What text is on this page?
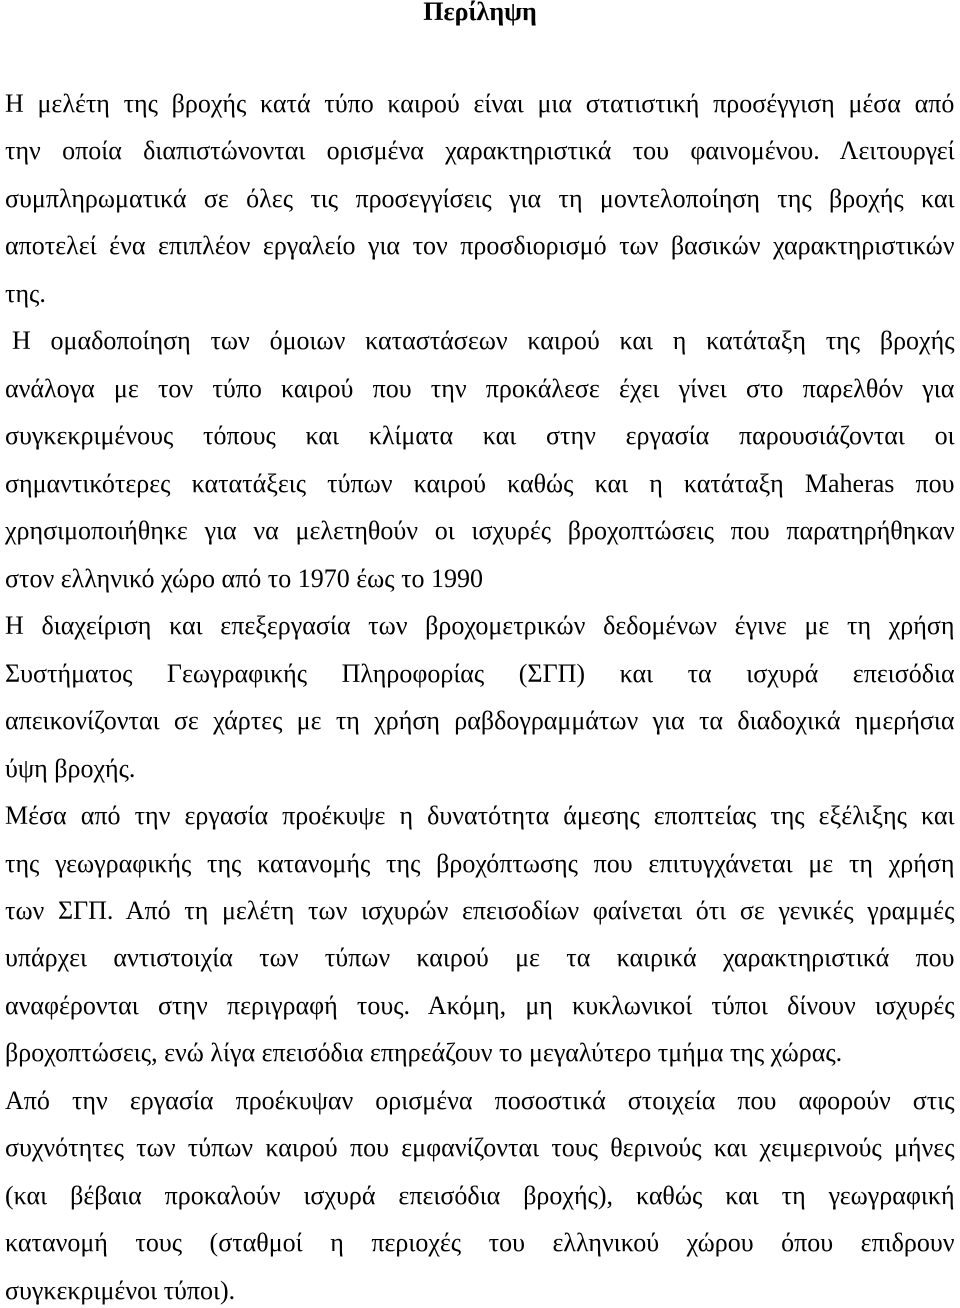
Περίληψη
Η μελέτη της βροχής κατά τύπο καιρού είναι μια στατιστική προσέγγιση μέσα από
την οποία διαπιστώνονται ορισμένα χαρακτηριστικά του φαινομένου. Λειτουργεί
συμπληρωματικά σε όλες τις προσεγγίσεις για τη μοντελοποίηση της βροχής και
αποτελεί ένα επιπλέον εργαλείο για τον προσδιορισμό των βασικών χαρακτηριστικών
της.
Η ομαδοποίηση των όμοιων καταστάσεων καιρού και η κατάταξη της βροχής
ανάλογα με τον τύπο καιρού που την προκάλεσε έχει γίνει στο παρελθόν για
συγκεκριμένους τόπους και κλίματα και στην εργασία παρουσιάζονται οι
σημαντικότερες κατατάξεις τύπων καιρού καθώς και η κατάταξη Maheras που
χρησιμοποιήθηκε για να μελετηθούν οι ισχυρές βροχοπτώσεις που παρατηρήθηκαν
στον ελληνικό χώρο από το 1970 έως το 1990
Η διαχείριση και επεξεργασία των βροχομετρικών δεδομένων έγινε με τη χρήση
Συστήματος Γεωγραφικής Πληροφορίας (ΣΓΠ) και τα ισχυρά επεισόδια
απεικονίζονται σε χάρτες με τη χρήση ραβδογραμμάτων για τα διαδοχικά ημερήσια
ύψη βροχής.
Μέσα από την εργασία προέκυψε η δυνατότητα άμεσης εποπτείας της εξέλιξης και
της γεωγραφικής της κατανομής της βροχόπτωσης που επιτυγχάνεται με τη χρήση
των ΣΓΠ. Από τη μελέτη των ισχυρών επεισοδίων φαίνεται ότι σε γενικές γραμμές
υπάρχει αντιστοιχία των τύπων καιρού με τα καιρικά χαρακτηριστικά που
αναφέρονται στην περιγραφή τους. Ακόμη, μη κυκλωνικοί τύποι δίνουν ισχυρές
βροχοπτώσεις, ενώ λίγα επεισόδια επηρεάζουν το μεγαλύτερο τμήμα της χώρας.
Από την εργασία προέκυψαν ορισμένα ποσοστικά στοιχεία που αφορούν στις
συχνότητες των τύπων καιρού που εμφανίζονται τους θερινούς και χειμερινούς μήνες
(και βέβαια προκαλούν ισχυρά επεισόδια βροχής), καθώς και τη γεωγραφική
κατανομή τους (σταθμοί η περιοχές του ελληνικού χώρου όπου επιδρουν
συγκεκριμένοι τύποι).
